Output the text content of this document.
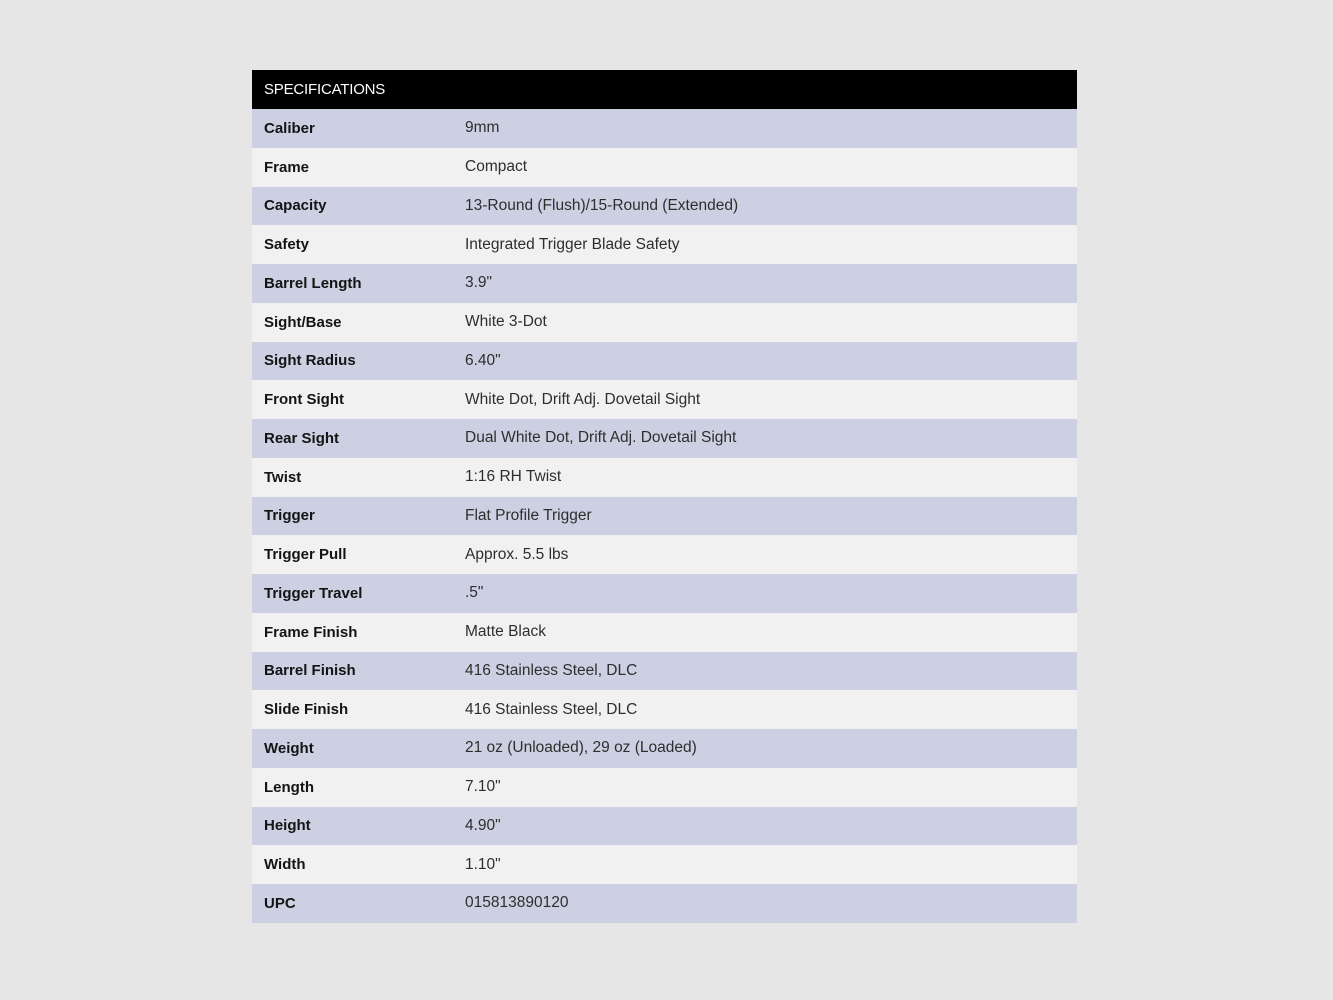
SPECIFICATIONS
Caliber	9mm
Frame	Compact
Capacity	13-Round (Flush)/15-Round (Extended)
Safety	Integrated Trigger Blade Safety
Barrel Length	3.9"
Sight/Base	White 3-Dot
Sight Radius	6.40"
Front Sight	White Dot, Drift Adj. Dovetail Sight
Rear Sight	Dual White Dot, Drift Adj. Dovetail Sight
Twist	1:16 RH Twist
Trigger	Flat Profile Trigger
Trigger Pull	Approx. 5.5 lbs
Trigger Travel	.5"
Frame Finish	Matte Black
Barrel Finish	416 Stainless Steel, DLC
Slide Finish	416 Stainless Steel, DLC
Weight	21 oz (Unloaded), 29 oz (Loaded)
Length	7.10"
Height	4.90"
Width	1.10"
UPC	015813890120
